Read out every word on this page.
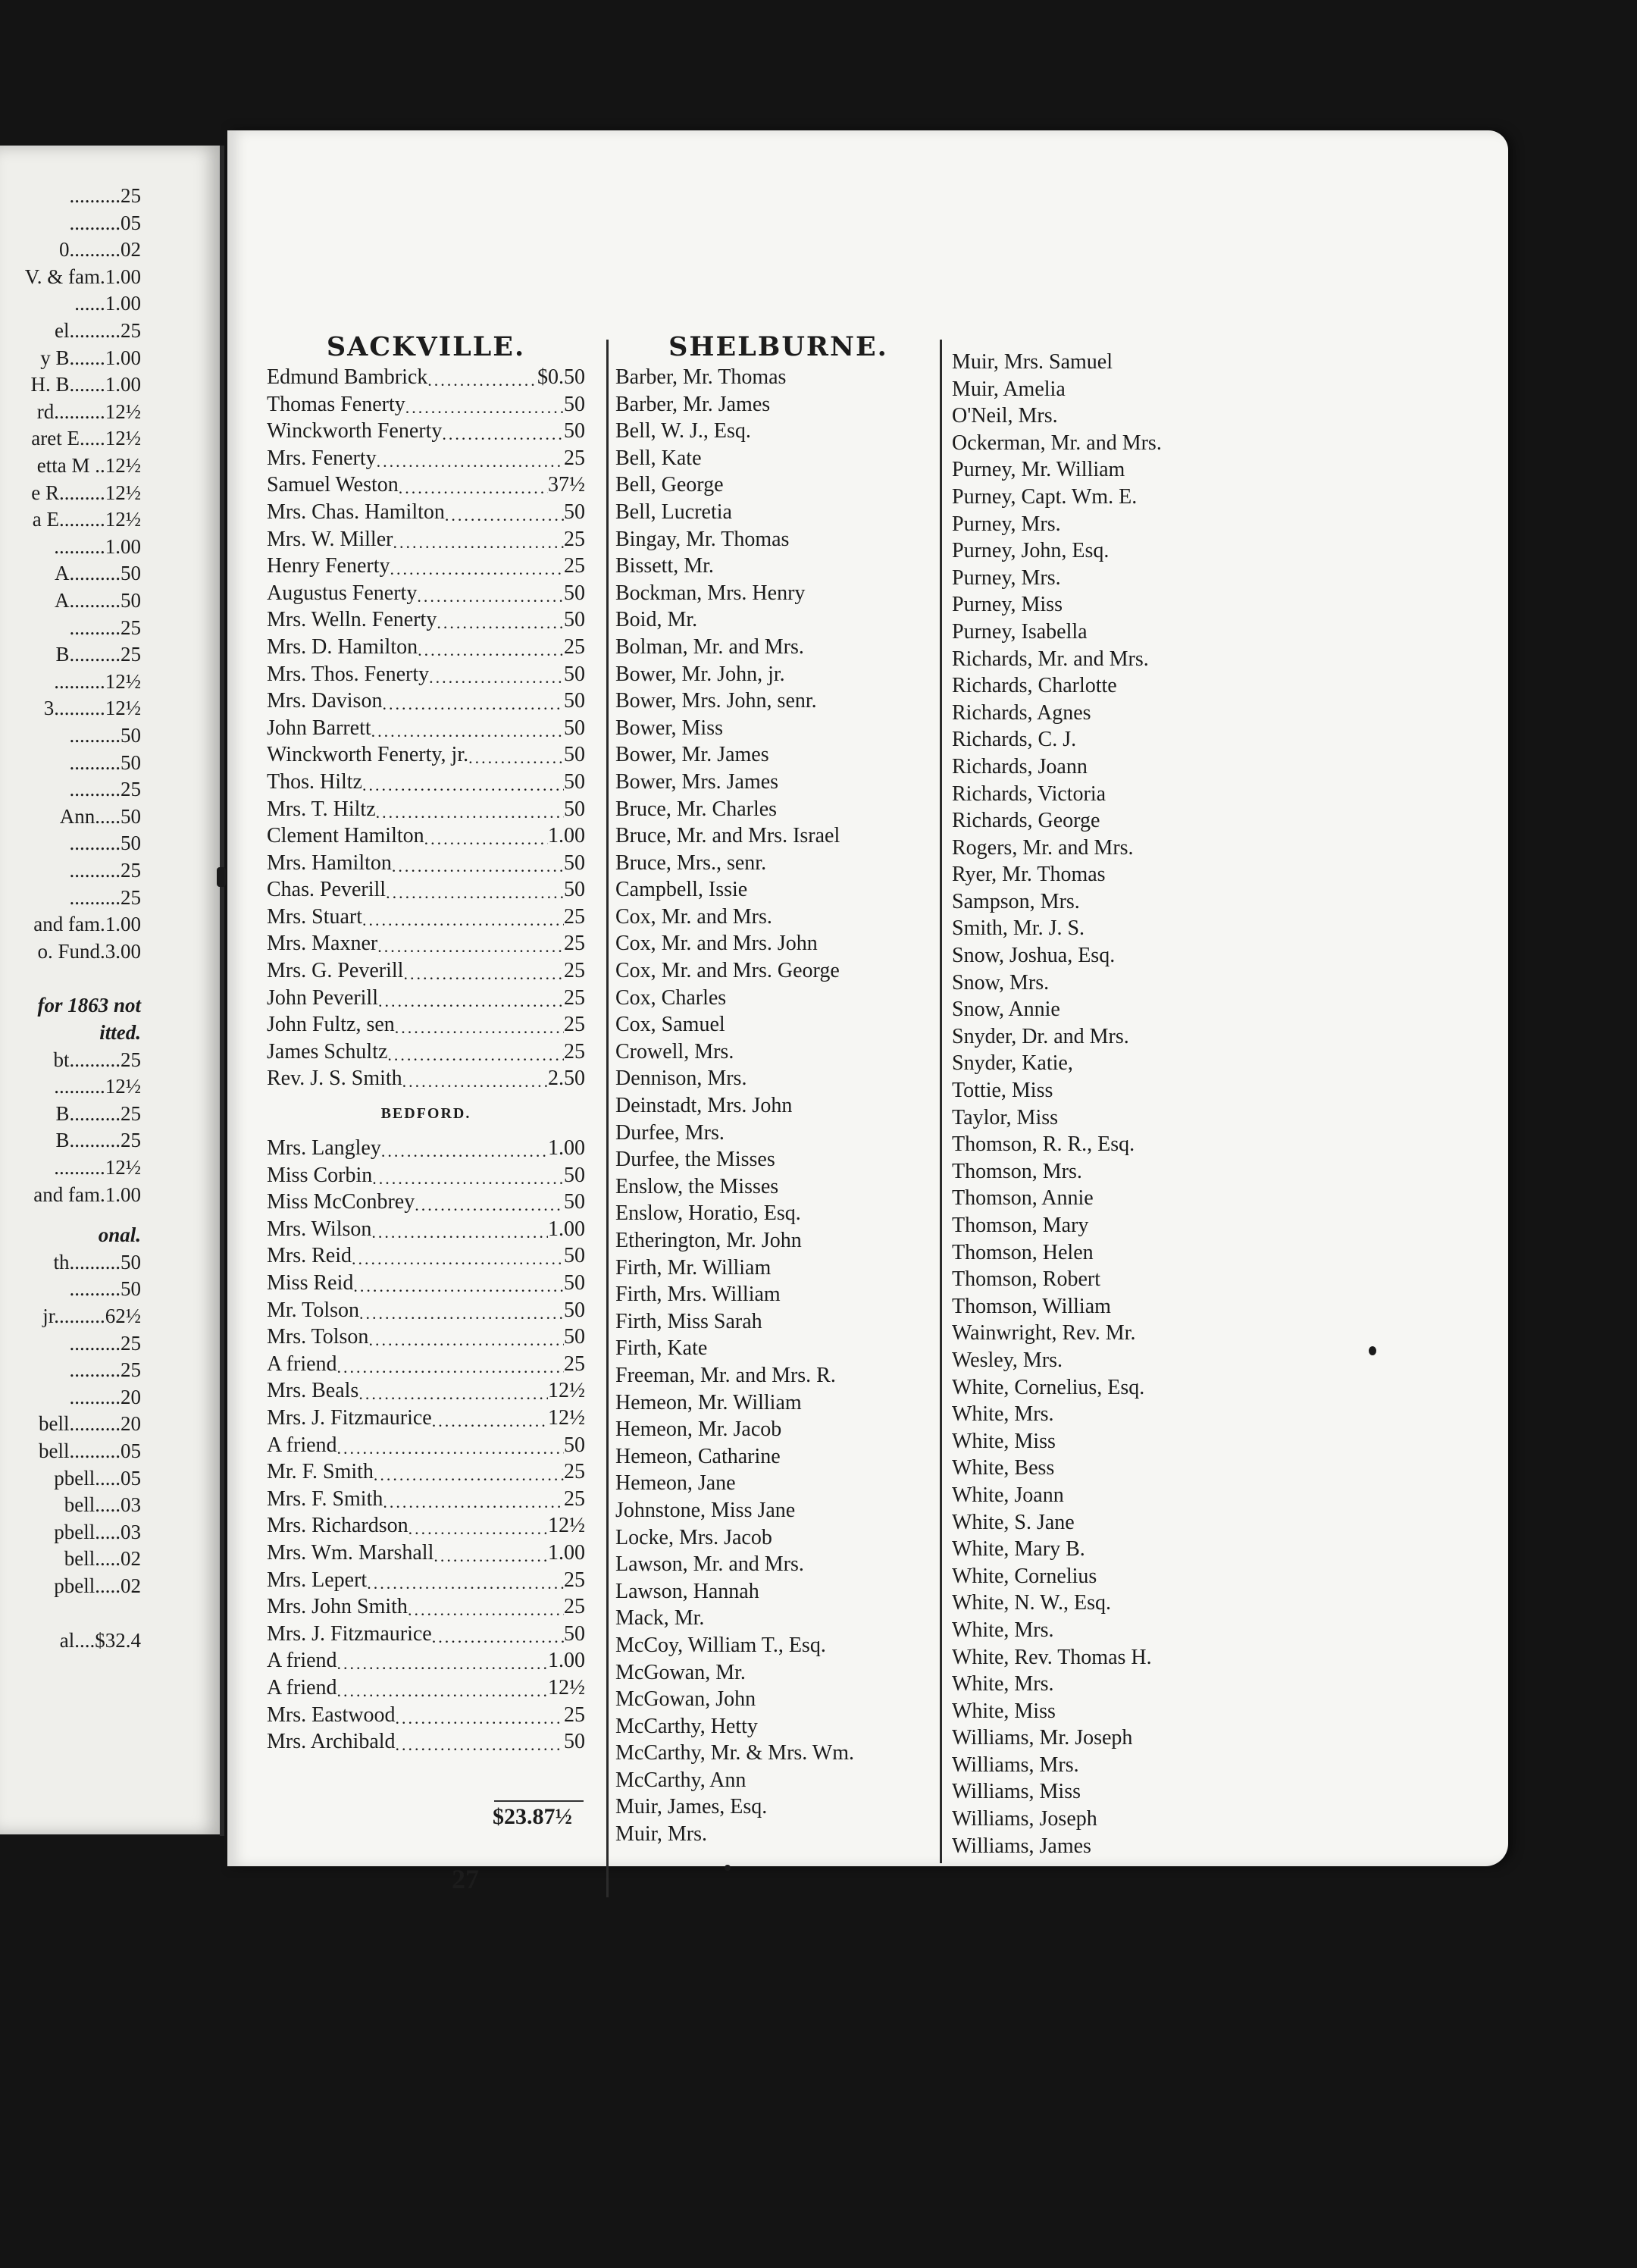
..........25
..........05
0..........02
V. & fam.1.00
......1.00
el..........25
y B.......1.00
H. B.......1.00
rd..........12½
aret E.....12½
etta M ..12½
e R.........12½
a E.........12½
..........1.00
A..........50
A..........50
..........25
B..........25
..........12½
3..........12½
..........50
..........50
..........25
Ann.....50
..........50
..........25
..........25
and fam.1.00
o. Fund.3.00
for 1863 not
itted.
bt..........25
..........12½
B..........25
B..........25
..........12½
and fam.1.00
onal.
th..........50
..........50
jr..........62½
..........25
..........25
..........20
bell..........20
bell..........05
pbell.....05
bell.....03
pbell.....03
bell.....02
pbell.....02
al....$32.4
SACKVILLE.
Edmund Bambrick .....	$0.50
Thomas Fenerty .....	50
Winckworth Fenerty .....	50
Mrs. Fenerty .....	25
Samuel Weston .....	37½
Mrs. Chas. Hamilton .....	50
Mrs. W. Miller .....	25
Henry Fenerty .....	25
Augustus Fenerty .....	50
Mrs. Welln. Fenerty .....	50
Mrs. D. Hamilton .....	25
Mrs. Thos. Fenerty .....	50
Mrs. Davison .....	50
John Barrett .....	50
Winckworth Fenerty, jr. .....	50
Thos. Hiltz .....	50
Mrs. T. Hiltz .....	50
Clement Hamilton .....	1.00
Mrs. Hamilton .....	50
Chas. Peverill .....	50
Mrs. Stuart .....	25
Mrs. Maxner .....	25
Mrs. G. Peverill .....	25
John Peverill .....	25
John Fultz, sen .....	25
James Schultz .....	25
Rev. J. S. Smith .....	2.50
BEDFORD.
Mrs. Langley .....	1.00
Miss Corbin .....	50
Miss McConbrey .....	50
Mrs. Wilson .....	1.00
Mrs. Reid .....	50
Miss Reid .....	50
Mr. Tolson .....	50
Mrs. Tolson .....	50
A friend .....	25
Mrs. Beals .....	12½
Mrs. J. Fitzmaurice .....	12½
A friend .....	50
Mr. F. Smith .....	25
Mrs. F. Smith .....	25
Mrs. Richardson .....	12½
Mrs. Wm. Marshall .....	1.00
Mrs. Lepert .....	25
Mrs. John Smith .....	25
Mrs. J. Fitzmaurice .....	50
A friend .....	1.00
A friend .....	12½
Mrs. Eastwood .....	25
Mrs. Archibald .....	50
SHELBURNE.
Barber, Mr. Thomas
Barber, Mr. James
Bell, W. J., Esq.
Bell, Kate
Bell, George
Bell, Lucretia
Bingay, Mr. Thomas
Bissett, Mr.
Bockman, Mrs. Henry
Boid, Mr.
Bolman, Mr. and Mrs.
Bower, Mr. John, jr.
Bower, Mrs. John, senr.
Bower, Miss
Bower, Mr. James
Bower, Mrs. James
Bruce, Mr. Charles
Bruce, Mr. and Mrs. Israel
Bruce, Mrs., senr.
Campbell, Issie
Cox, Mr. and Mrs.
Cox, Mr. and Mrs. John
Cox, Mr. and Mrs. George
Cox, Charles
Cox, Samuel
Crowell, Mrs.
Dennison, Mrs.
Deinstadt, Mrs. John
Durfee, Mrs.
Durfee, the Misses
Enslow, the Misses
Enslow, Horatio, Esq.
Etherington, Mr. John
Firth, Mr. William
Firth, Mrs. William
Firth, Miss Sarah
Firth, Kate
Freeman, Mr. and Mrs. R.
Hemeon, Mr. William
Hemeon, Mr. Jacob
Hemeon, Catharine
Hemeon, Jane
Johnstone, Miss Jane
Locke, Mrs. Jacob
Lawson, Mr. and Mrs.
Lawson, Hannah
Mack, Mr.
McCoy, William T., Esq.
McGowan, Mr.
McGowan, John
McCarthy, Hetty
McCarthy, Mr. & Mrs. Wm.
McCarthy, Ann
Muir, James, Esq.
Muir, Mrs.
Muir, Mrs. Samuel
Muir, Amelia
O'Neil, Mrs.
Ockerman, Mr. and Mrs.
Purney, Mr. William
Purney, Capt. Wm. E.
Purney, Mrs.
Purney, John, Esq.
Purney, Mrs.
Purney, Miss
Purney, Isabella
Richards, Mr. and Mrs.
Richards, Charlotte
Richards, Agnes
Richards, C. J.
Richards, Joann
Richards, Victoria
Richards, George
Rogers, Mr. and Mrs.
Ryer, Mr. Thomas
Sampson, Mrs.
Smith, Mr. J. S.
Snow, Joshua, Esq.
Snow, Mrs.
Snow, Annie
Snyder, Dr. and Mrs.
Snyder, Katie,
Tottie, Miss
Taylor, Miss
Thomson, R. R., Esq.
Thomson, Mrs.
Thomson, Annie
Thomson, Mary
Thomson, Helen
Thomson, Robert
Thomson, William
Wainwright, Rev. Mr.
Wesley, Mrs.
White, Cornelius, Esq.
White, Mrs.
White, Miss
White, Bess
White, Joann
White, S. Jane
White, Mary B.
White, Cornelius
White, N. W., Esq.
White, Mrs.
White, Rev. Thomas H.
White, Mrs.
White, Miss
Williams, Mr. Joseph
Williams, Mrs.
Williams, Miss
Williams, Joseph
Williams, James
$23.87½
27
